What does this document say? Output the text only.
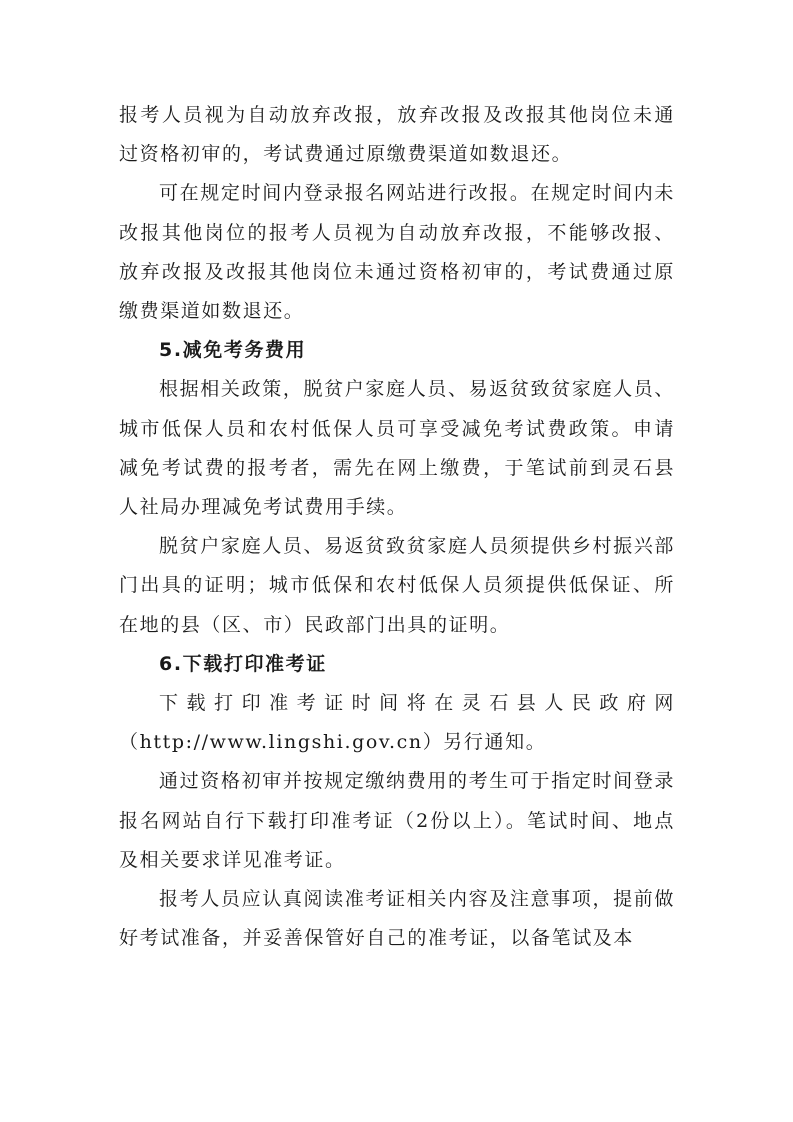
报考人员视为自动放弃改报，放弃改报及改报其他岗位未通过资格初审的，考试费通过原缴费渠道如数退还。

可在规定时间内登录报名网站进行改报。在规定时间内未改报其他岗位的报考人员视为自动放弃改报，不能够改报、放弃改报及改报其他岗位未通过资格初审的，考试费通过原缴费渠道如数退还。

5.减免考务费用

根据相关政策，脱贫户家庭人员、易返贫致贫家庭人员、城市低保人员和农村低保人员可享受减免考试费政策。申请减免考试费的报考者，需先在网上缴费，于笔试前到灵石县人社局办理减免考试费用手续。

脱贫户家庭人员、易返贫致贫家庭人员须提供乡村振兴部门出具的证明；城市低保和农村低保人员须提供低保证、所在地的县（区、市）民政部门出具的证明。

6.下载打印准考证

下载打印准考证时间将在灵石县人民政府网

（http://www.lingshi.gov.cn）另行通知。

通过资格初审并按规定缴纳费用的考生可于指定时间登录报名网站自行下载打印准考证（2份以上）。笔试时间、地点及相关要求详见准考证。

报考人员应认真阅读准考证相关内容及注意事项，提前做好考试准备，并妥善保管好自己的准考证，以备笔试及本
